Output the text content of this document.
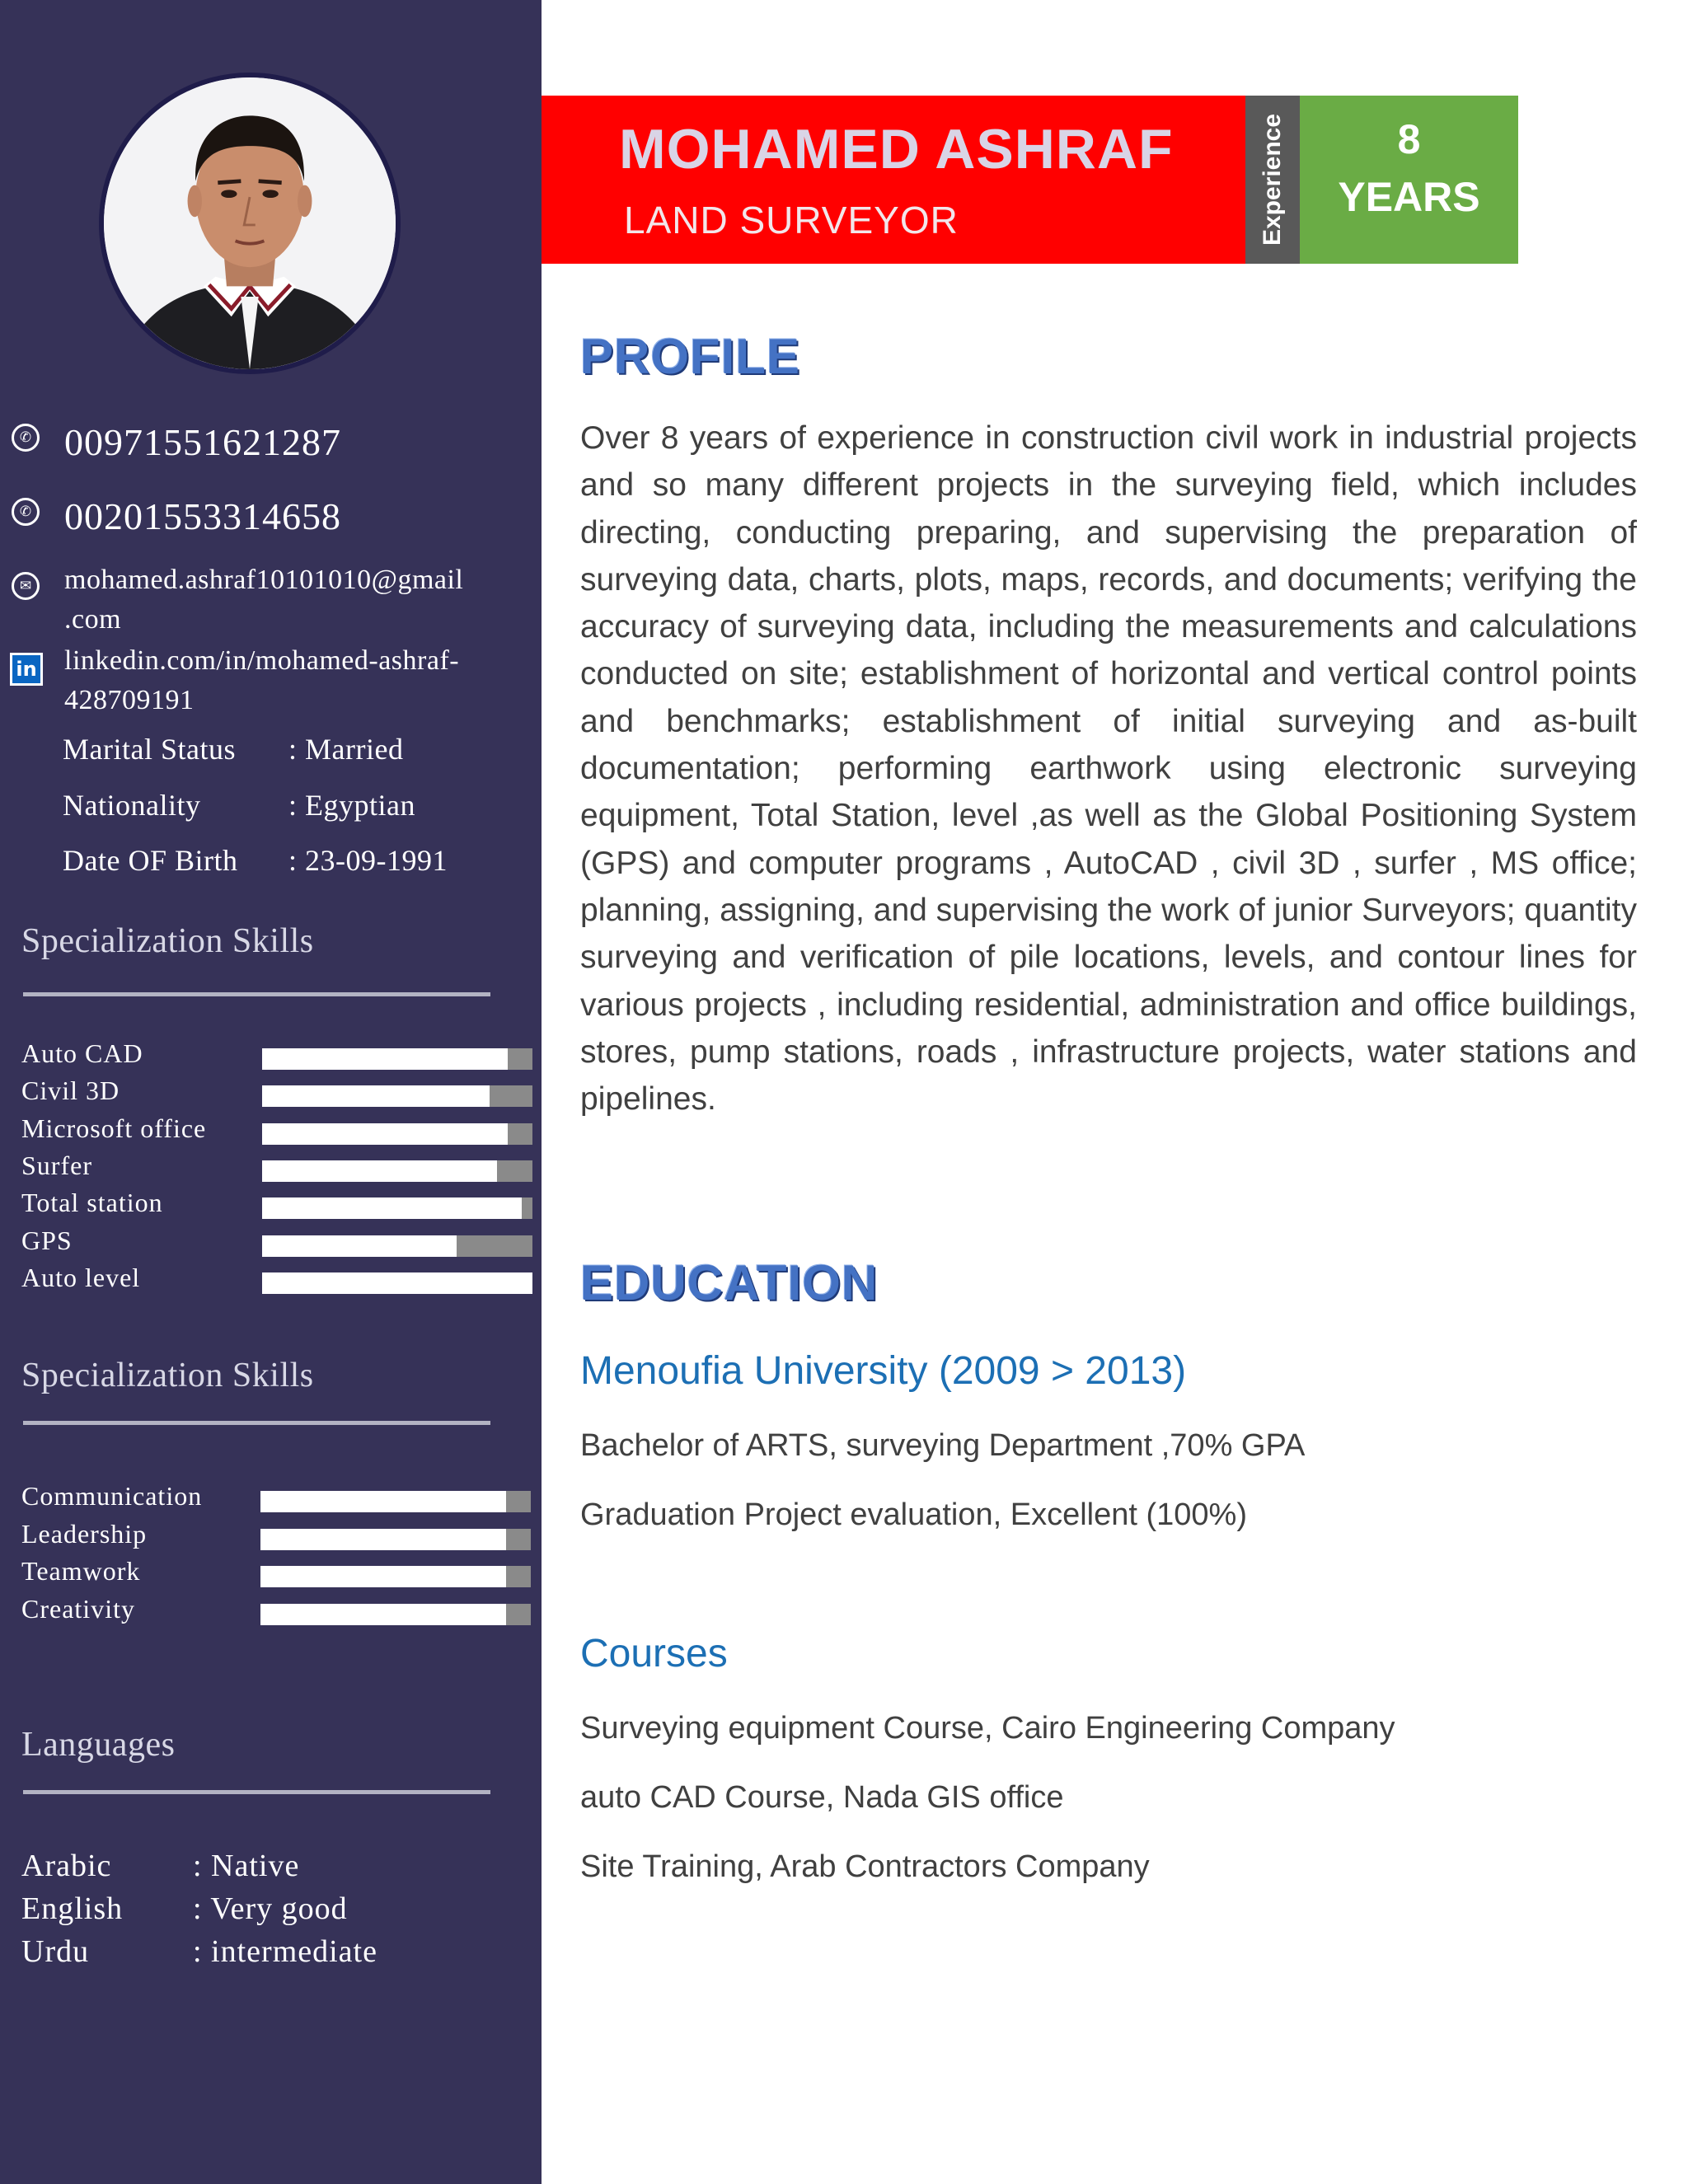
✆ 00971551621287
✆ 00201553314658
✉ mohamed.ashraf10101010@gmail
.com
in linkedin.com/in/mohamed-ashraf-
428709191
Marital Status : Married
Nationality	: Egyptian
Date OF Birth : 23-09-1991
Specialization Skills
Auto CAD
Civil 3D
Microsoft office
Surfer
Total station
GPS
Auto level
Specialization Skills
Communication
Leadership
Teamwork
Creativity
Languages
Arabic	: Native
English : Very good
Urdu	: intermediate
MOHAMED ASHRAF
LAND SURVEYOR	Experience	8
YEARS
PROFILE

Over 8 years of experience in construction civil work in industrial projects and so many different projects in the surveying field, which includes directing, conducting preparing, and supervising the preparation of surveying data, charts, plots, maps, records, and documents; verifying the accuracy of surveying data, including the measurements and calculations conducted on site; establishment of horizontal and vertical control points and benchmarks; establishment of initial surveying and as-built documentation; performing earthwork using electronic surveying equipment, Total Station, level ,as well as the Global Positioning System (GPS) and computer programs , AutoCAD , civil 3D , surfer , MS office; planning, assigning, and supervising the work of junior Surveyors; quantity surveying and verification of pile locations, levels, and contour lines for various projects , including residential, administration and office buildings, stores, pump stations, roads , infrastructure projects, water stations and pipelines.

EDUCATION
Menoufia University (2009 > 2013)
Bachelor of ARTS, surveying Department ,70% GPA
Graduation Project evaluation, Excellent (100%)
Courses
Surveying equipment Course, Cairo Engineering Company
auto CAD Course, Nada GIS office
Site Training, Arab Contractors Company
